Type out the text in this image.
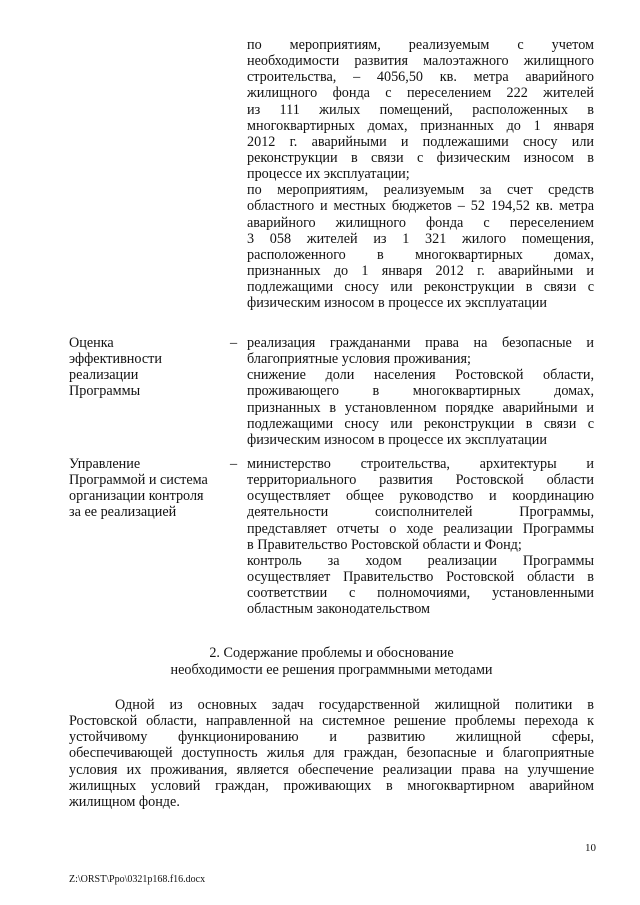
по мероприятиям, реализуемым с учетом
необходимости развития малоэтажного жилищного
строительства, – 4056,50 кв. метра аварийного
жилищного фонда с переселением 222 жителей
из 111 жилых помещений, расположенных в
многоквартирных домах, признанных до 1 января
2012 г. аварийными и подлежашими сносу или
реконструкции в связи с физическим износом в
процессе их эксплуатации;
по мероприятиям, реализуемым за счет средств
областного и местных бюджетов – 52 194,52 кв. метра
аварийного жилищного фонда с переселением
3 058 жителей из 1 321 жилого помещения,
расположенного в многоквартирных домах,
признанных до 1 января 2012 г. аварийными и
подлежащими сносу или реконструкции в связи с
физическим износом в процессе их эксплуатации
Оценка
эффективности
реализации
Программы
– реализация граждананми права на безопасные и
благоприятные условия проживания;
снижение доли населения Ростовской области,
проживающего в многоквартирных домах,
признанных в установленном порядке аварийными и
подлежащими сносу или реконструкции в связи с
физическим износом в процессе их эксплуатации
Управление
Программой и система
организации контроля
за ее реализацией
– министерство строительства, архитектуры и
территориального развития Ростовской области
осуществляет общее руководство и координацию
деятельности соисполнителей Программы,
представляет отчеты о ходе реализации Программы
в Правительство Ростовской области и Фонд;
контроль за ходом реализации Программы
осуществляет Правительство Ростовской области в
соответствии с полномочиями, установленными
областным законодательством
2. Содержание проблемы и обоснование
необходимости ее решения программными методами
Одной из основных задач государственной жилищной политики в
Ростовской области, направленной на системное решение проблемы перехода к
устойчивому функционированию и развитию жилищной сферы,
обеспечивающей доступность жилья для граждан, безопасные и благоприятные
условия их проживания, является обеспечение реализации права на улучшение
жилищных условий граждан, проживающих в многоквартирном аварийном
жилищном фонде.
10
Z:\ORST\Ppo\0321p168.f16.docx
